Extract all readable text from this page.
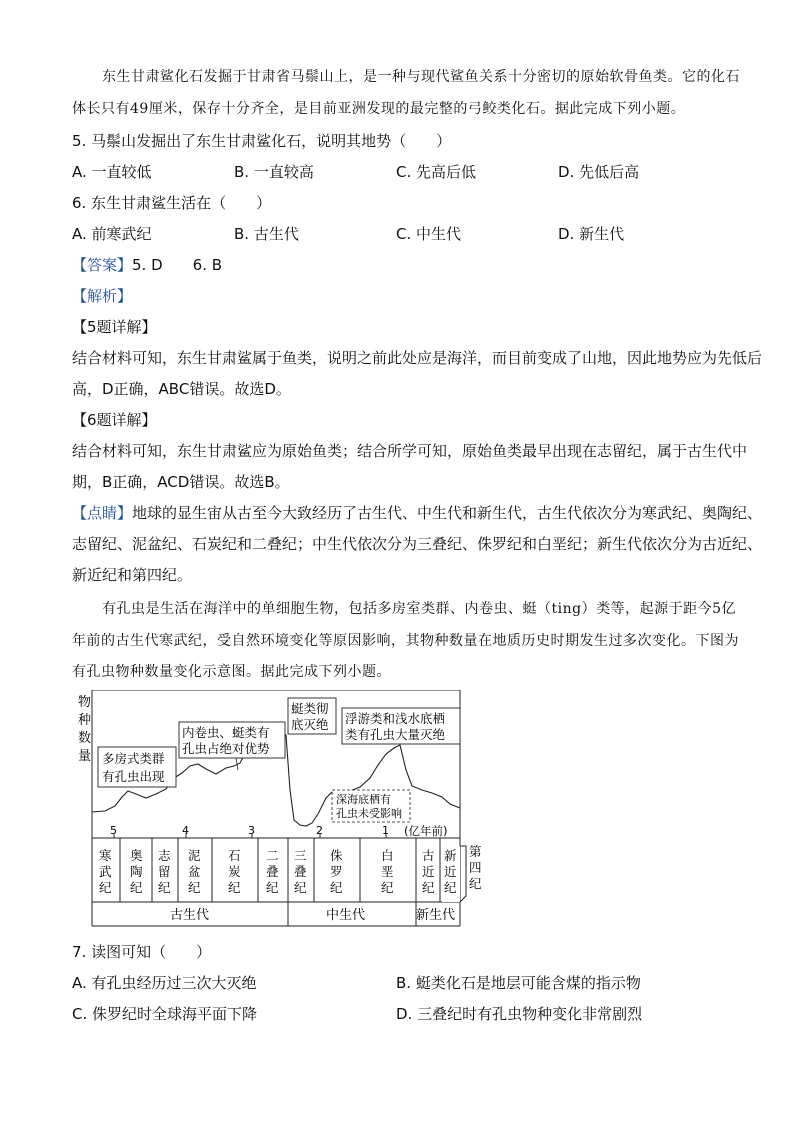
东生甘肃鲨化石发掘于甘肃省马鬃山上，是一种与现代鲨鱼关系十分密切的原始软骨鱼类。它的化石
体长只有49厘米，保存十分齐全，是目前亚洲发现的最完整的弓鲛类化石。据此完成下列小题。
5. 马鬃山发掘出了东生甘肃鲨化石，说明其地势（　　）
A. 一直较低	B. 一直较高	C. 先高后低	D. 先低后高
6. 东生甘肃鲨生活在（　　）
A. 前寒武纪	B. 古生代	C. 中生代	D. 新生代
【答案】5. D　　6. B
【解析】
【5题详解】
结合材料可知，东生甘肃鲨属于鱼类，说明之前此处应是海洋，而目前变成了山地，因此地势应为先低后
高，D正确，ABC错误。故选D。
【6题详解】
结合材料可知，东生甘肃鲨应为原始鱼类；结合所学可知，原始鱼类最早出现在志留纪，属于古生代中
期，B正确，ACD错误。故选B。
【点睛】地球的显生宙从古至今大致经历了古生代、中生代和新生代，古生代依次分为寒武纪、奥陶纪、
志留纪、泥盆纪、石炭纪和二叠纪；中生代依次分为三叠纪、侏罗纪和白垩纪；新生代依次分为古近纪、
新近纪和第四纪。
有孔虫是生活在海洋中的单细胞生物，包括多房室类群、内卷虫、蜓（ting）类等，起源于距今5亿
年前的古生代寒武纪，受自然环境变化等原因影响，其物种数量在地质历史时期发生过多次变化。下图为
有孔虫物种数量变化示意图。据此完成下列小题。
物
种
数
量 多房式类群
有孔虫出现
内卷虫、蜓类有
孔虫占绝对优势
蜓类彻
底灭绝 浮游类和浅水底栖
类有孔虫大量灭绝
深海底栖有
孔虫未受影响
5	4	3	2	1 (亿年前)
寒
武
纪
奥
陶
纪
志
留
纪
泥
盆
纪
石
炭
纪
二
叠
纪
三
叠
纪
侏
罗
纪
白
垩
纪
古
近
纪
新
近
纪
第
四
纪
古生代	中生代	新生代
7. 读图可知（　　）
A. 有孔虫经历过三次大灭绝	B. 蜓类化石是地层可能含煤的指示物
C. 侏罗纪时全球海平面下降	D. 三叠纪时有孔虫物种变化非常剧烈
